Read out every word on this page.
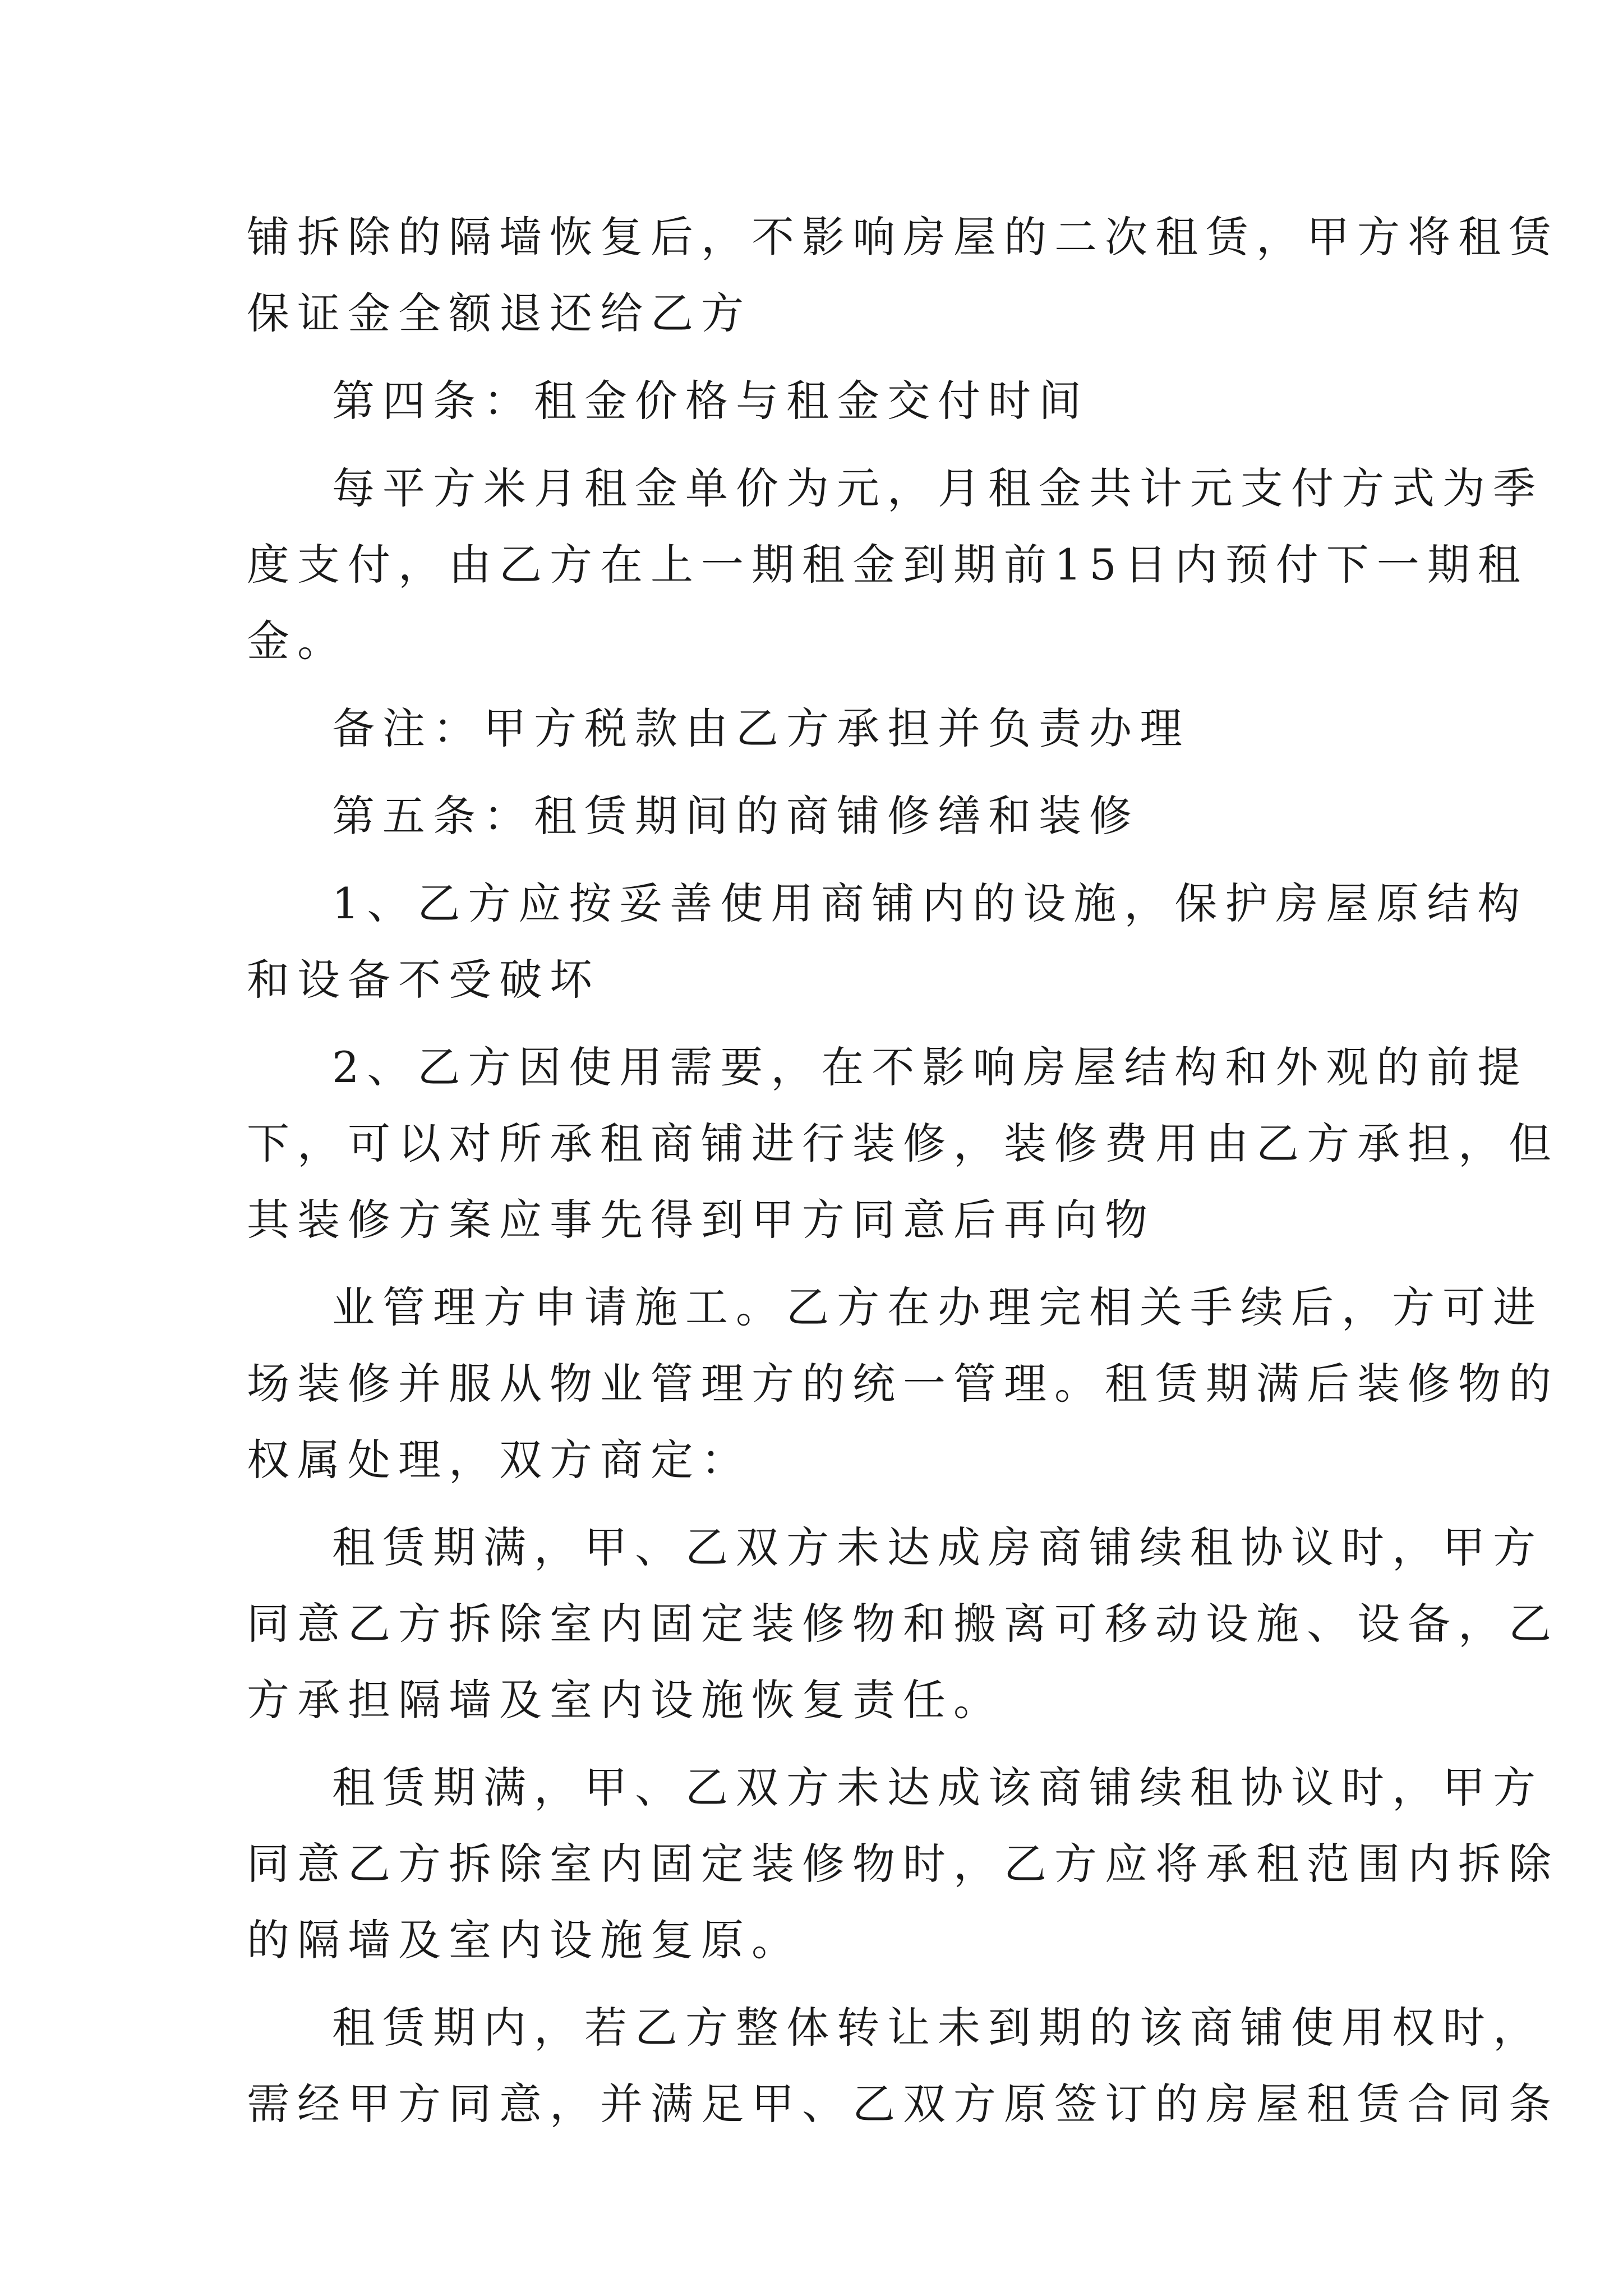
铺拆除的隔墙恢复后，不影响房屋的二次租赁，甲方将租赁
保证金全额退还给乙方
第四条：租金价格与租金交付时间
每平方米月租金单价为元，月租金共计元支付方式为季
度支付，由乙方在上一期租金到期前15日内预付下一期租
金。
备注：甲方税款由乙方承担并负责办理
第五条：租赁期间的商铺修缮和装修
1、乙方应按妥善使用商铺内的设施，保护房屋原结构
和设备不受破坏
2、乙方因使用需要，在不影响房屋结构和外观的前提
下，可以对所承租商铺进行装修，装修费用由乙方承担，但
其装修方案应事先得到甲方同意后再向物
业管理方申请施工。乙方在办理完相关手续后，方可进
场装修并服从物业管理方的统一管理。租赁期满后装修物的
权属处理，双方商定：
租赁期满，甲、乙双方未达成房商铺续租协议时，甲方
同意乙方拆除室内固定装修物和搬离可移动设施、设备，乙
方承担隔墙及室内设施恢复责任。
租赁期满，甲、乙双方未达成该商铺续租协议时，甲方
同意乙方拆除室内固定装修物时，乙方应将承租范围内拆除
的隔墙及室内设施复原。
租赁期内，若乙方整体转让未到期的该商铺使用权时，
需经甲方同意，并满足甲、乙双方原签订的房屋租赁合同条
